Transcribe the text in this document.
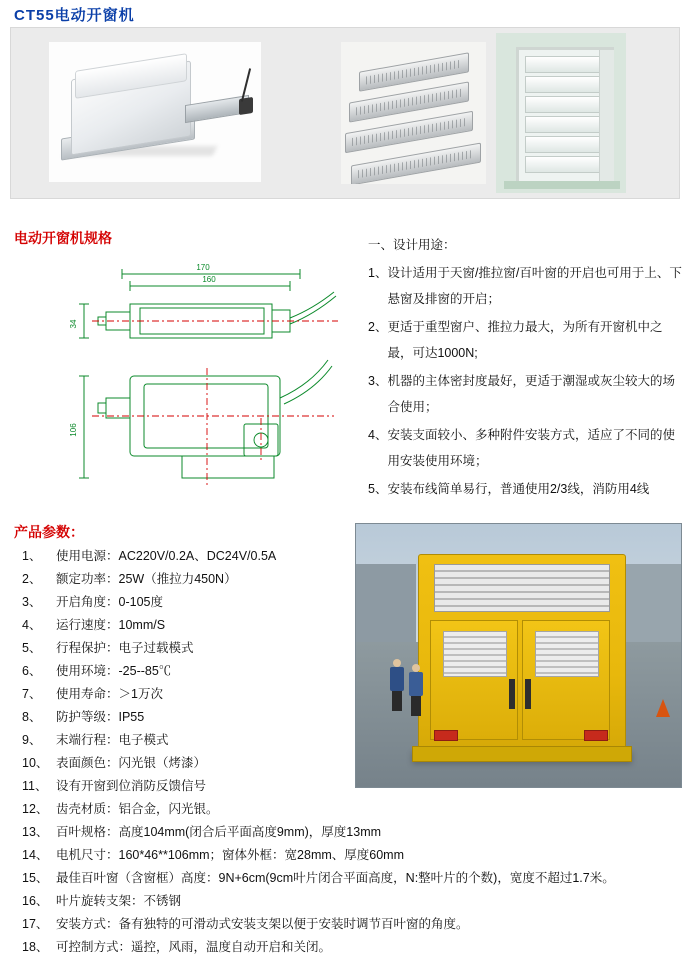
CT55电动开窗机
电动开窗机规格
170
160
34
106
一、设计用途：
1、 设计适用于天窗/推拉窗/百叶窗的开启也可用于上、下悬窗及排窗的开启；
2、 更适于重型窗户、推拉力最大，为所有开窗机中之最，可达1000N;
3、 机器的主体密封度最好，更适于潮湿或灰尘较大的场合使用；
4、 安装支面较小、多种附件安装方式，适应了不同的使用安装使用环境；
5、 安装布线简单易行，普通使用2/3线，消防用4线
产品参数：
1、	使用电源：AC220V/0.2A、DC24V/0.5A
2、	额定功率：25W（推拉力450N）
3、	开启角度：0-105度
4、	运行速度：10mm/S
5、	行程保护：电子过载模式
6、	使用环境：-25--85℃
7、	使用寿命：＞1万次
8、	防护等级：IP55
9、	末端行程：电子模式
10、 表面颜色：闪光银（烤漆）
11、 设有开窗到位消防反馈信号
12、 齿壳材质：铝合金，闪光银。
13、 百叶规格：高度104mm(闭合后平面高度9mm)，厚度13mm
14、 电机尺寸：160*46**106mm；窗体外框：宽28mm、厚度60mm
15、 最佳百叶窗（含窗框）高度：9N+6cm(9cm叶片闭合平面高度，N:整叶片的个数)，宽度不超过1.7米。
16、 叶片旋转支架：不锈钢
17、 安装方式：备有独特的可滑动式安装支架以便于安装时调节百叶窗的角度。
18、 可控制方式：遥控，风雨，温度自动开启和关闭。
